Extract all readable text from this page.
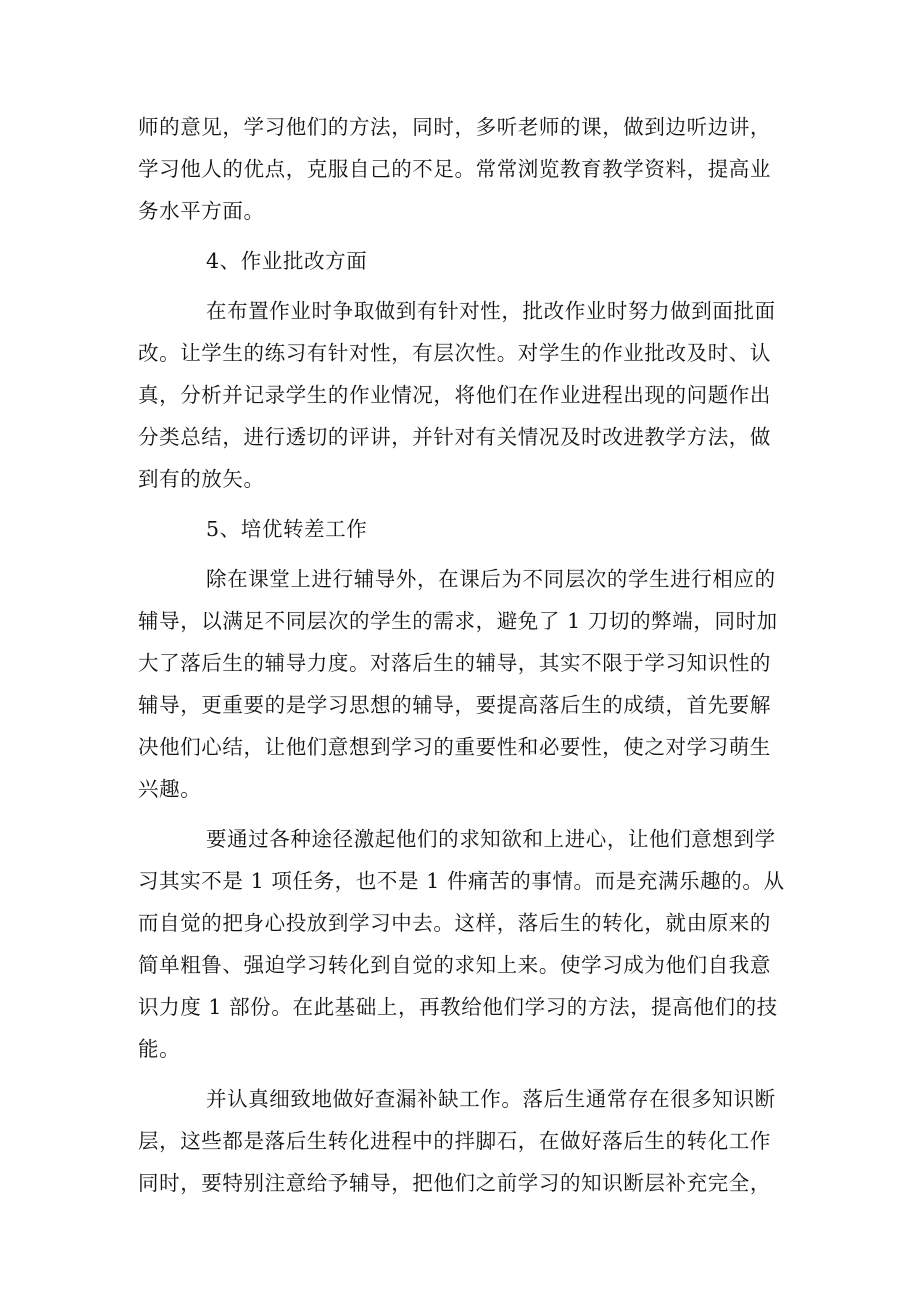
师的意见，学习他们的方法，同时，多听老师的课，做到边听边讲，
学习他人的优点，克服自己的不足。常常浏览教育教学资料，提高业
务水平方面。
4、作业批改方面
在布置作业时争取做到有针对性，批改作业时努力做到面批面
改。让学生的练习有针对性，有层次性。对学生的作业批改及时、认
真，分析并记录学生的作业情况，将他们在作业进程出现的问题作出
分类总结，进行透切的评讲，并针对有关情况及时改进教学方法，做
到有的放矢。
5、培优转差工作
除在课堂上进行辅导外，在课后为不同层次的学生进行相应的
辅导，以满足不同层次的学生的需求，避免了 1 刀切的弊端，同时加
大了落后生的辅导力度。对落后生的辅导，其实不限于学习知识性的
辅导，更重要的是学习思想的辅导，要提高落后生的成绩，首先要解
决他们心结，让他们意想到学习的重要性和必要性，使之对学习萌生
兴趣。
要通过各种途径激起他们的求知欲和上进心，让他们意想到学
习其实不是 1 项任务，也不是 1 件痛苦的事情。而是充满乐趣的。从
而自觉的把身心投放到学习中去。这样，落后生的转化，就由原来的
简单粗鲁、强迫学习转化到自觉的求知上来。使学习成为他们自我意
识力度 1 部份。在此基础上，再教给他们学习的方法，提高他们的技
能。
并认真细致地做好查漏补缺工作。落后生通常存在很多知识断
层，这些都是落后生转化进程中的拌脚石，在做好落后生的转化工作
同时，要特别注意给予辅导，把他们之前学习的知识断层补充完全，
